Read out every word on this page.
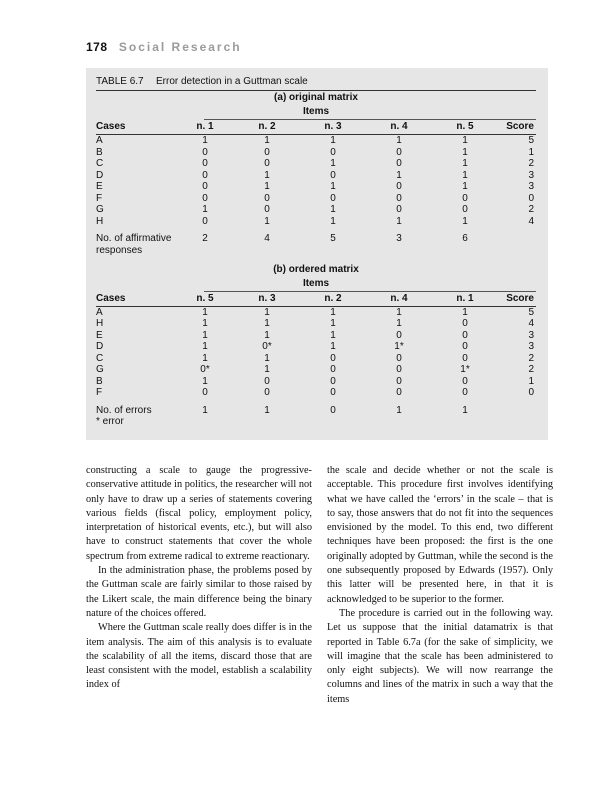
178 Social Research
TABLE 6.7 Error detection in a Guttman scale
(a) original matrix
Items
Cases	n. 1	n. 2	n. 3	n. 4	n. 5	Score
A	1	1	1	1	1	5
B	0	0	0	0	1	1
C	0	0	1	0	1	2
D	0	1	0	1	1	3
E	0	1	1	0	1	3
F	0	0	0	0	0	0
G	1	0	1	0	0	2
H	0	1	1	1	1	4
No. of affirmative	2	4	5	3	6
responses
(b) ordered matrix
Items
Cases	n. 5	n. 3	n. 2	n. 4	n. 1	Score
A	1	1	1	1	1	5
H	1	1	1	1	0	4
E	1	1	1	0	0	3
D	1	0*	1	1*	0	3
C	1	1	0	0	0	2
G	0*	1	0	0	1*	2
B	1	0	0	0	0	1
F	0	0	0	0	0	0
No. of errors	1	1	0	1	1
* error

constructing a scale to gauge the progressive-conservative attitude in politics, the researcher will not only have to draw up a series of statements covering various fields (fiscal policy, employment policy, interpretation of historical events, etc.), but will also have to construct statements that cover the whole spectrum from extreme radical to extreme reactionary.

In the administration phase, the problems posed by the Guttman scale are fairly similar to those raised by the Likert scale, the main difference being the binary nature of the choices offered.

Where the Guttman scale really does differ is in the item analysis. The aim of this analysis is to evaluate the scalability of all the items, discard those that are least consistent with the model, establish a scalability index of

the scale and decide whether or not the scale is acceptable. This procedure first involves identifying what we have called the ‘errors’ in the scale – that is to say, those answers that do not fit into the sequences envisioned by the model. To this end, two different techniques have been proposed: the first is the one originally adopted by Guttman, while the second is the one subsequently proposed by Edwards (1957). Only this latter will be presented here, in that it is acknowledged to be superior to the former.

The procedure is carried out in the following way. Let us suppose that the initial datamatrix is that reported in Table 6.7a (for the sake of simplicity, we will imagine that the scale has been administered to only eight subjects). We will now rearrange the columns and lines of the matrix in such a way that the items
